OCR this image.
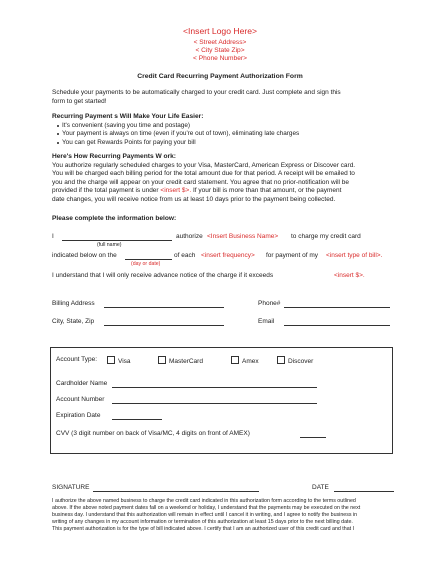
<Insert Logo Here>
< Street Address>
< City State Zip>
< Phone Number>
Credit Card Recurring Payment Authorization Form
Schedule your payments to be automatically charged to your credit card. Just complete and sign this
form to get started!
Recurring Payment s Will Make Your Life Easier:
It's convenient (saving you time and postage)
Your payment is always on time (even if you're out of town), eliminating late charges
You can get Rewards Points for paying your bill
Here's How Recurring Payments W ork:
You authorize regularly scheduled charges to your Visa, MasterCard, American Express or Discover card.
You will be charged each billing period for the total amount due for that period. A receipt will be emailed to
you and the charge will appear on your credit card statement. You agree that no prior-notification will be
provided if the total payment is under <insert $>. If your bill is more than that amount, or the payment
date changes, you will receive notice from us at least 10 days prior to the payment being collected.
Please complete the information below:
I	authorize <Insert Business Name> to charge my credit card
(full name)
indicated below on the	of each <insert frequency> for payment of my <insert type of bill>.
(day or date)
I understand that I will only receive advance notice of the charge if it exceeds	<insert $>.
Billing Address	Phone#
City, State, Zip	Email
Account Type:	Visa	MasterCard	Amex	Discover
Cardholder Name
Account Number
Expiration Date
CVV (3 digit number on back of Visa/MC, 4 digits on front of AMEX)
SIGNATURE	DATE
I authorize the above named business to charge the credit card indicated in this authorization form according to the terms outlined
above. If the above noted payment dates fall on a weekend or holiday, I understand that the payments may be executed on the next
business day. I understand that this authorization will remain in effect until I cancel it in writing, and I agree to notify the business in
writing of any changes in my account information or termination of this authorization at least 15 days prior to the next billing date.
This payment authorization is for the type of bill indicated above. I certify that I am an authorized user of this credit card and that I
